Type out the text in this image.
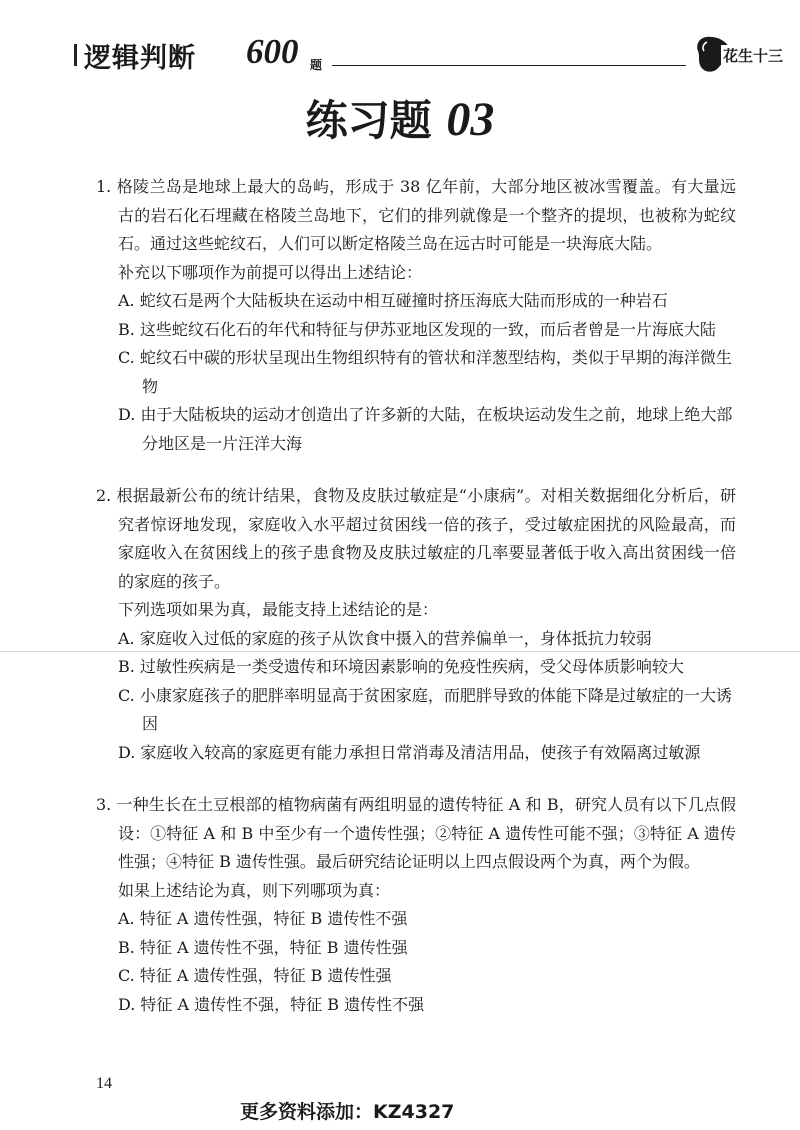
逻辑判断 600 题	花生十三
练习题 03
1. 格陵兰岛是地球上最大的岛屿，形成于 38 亿年前，大部分地区被冰雪覆盖。有大量远古的岩石化石埋藏在格陵兰岛地下，它们的排列就像是一个整齐的提坝，也被称为蛇纹石。通过这些蛇纹石，人们可以断定格陵兰岛在远古时可能是一块海底大陆。
补充以下哪项作为前提可以得出上述结论：
A. 蛇纹石是两个大陆板块在运动中相互碰撞时挤压海底大陆而形成的一种岩石
B. 这些蛇纹石化石的年代和特征与伊苏亚地区发现的一致，而后者曾是一片海底大陆
C. 蛇纹石中碳的形状呈现出生物组织特有的管状和洋葱型结构，类似于早期的海洋微生物
D. 由于大陆板块的运动才创造出了许多新的大陆，在板块运动发生之前，地球上绝大部分地区是一片汪洋大海
2. 根据最新公布的统计结果，食物及皮肤过敏症是“小康病”。对相关数据细化分析后，研究者惊讶地发现，家庭收入水平超过贫困线一倍的孩子，受过敏症困扰的风险最高，而家庭收入在贫困线上的孩子患食物及皮肤过敏症的几率要显著低于收入高出贫困线一倍的家庭的孩子。
下列选项如果为真，最能支持上述结论的是：
A. 家庭收入过低的家庭的孩子从饮食中摄入的营养偏单一，身体抵抗力较弱
B. 过敏性疾病是一类受遗传和环境因素影响的免疫性疾病，受父母体质影响较大
C. 小康家庭孩子的肥胖率明显高于贫困家庭，而肥胖导致的体能下降是过敏症的一大诱因
D. 家庭收入较高的家庭更有能力承担日常消毒及清洁用品，使孩子有效隔离过敏源
3. 一种生长在土豆根部的植物病菌有两组明显的遗传特征 A 和 B，研究人员有以下几点假设：①特征 A 和 B 中至少有一个遗传性强；②特征 A 遗传性可能不强；③特征 A 遗传性强；④特征 B 遗传性强。最后研究结论证明以上四点假设两个为真，两个为假。
如果上述结论为真，则下列哪项为真：
A. 特征 A 遗传性强，特征 B 遗传性不强
B. 特征 A 遗传性不强，特征 B 遗传性强
C. 特征 A 遗传性强，特征 B 遗传性强
D. 特征 A 遗传性不强，特征 B 遗传性不强
14
更多资料添加：KZ4327
